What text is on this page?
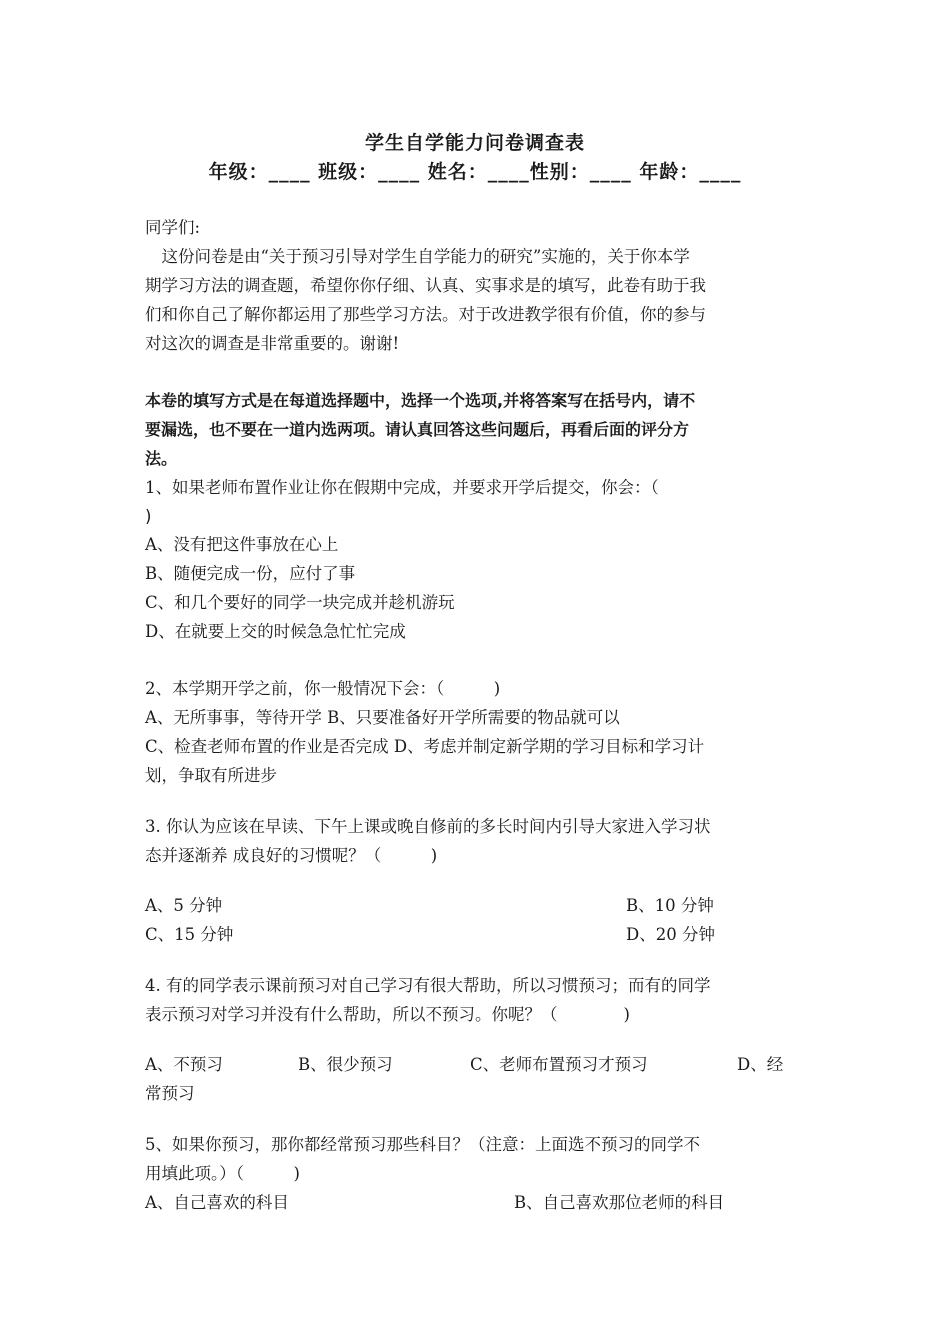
学生自学能力问卷调查表
年级：____ 班级：____ 姓名：____性别：____ 年龄：____
同学们:
　这份问卷是由“关于预习引导对学生自学能力的研究”实施的，关于你本学
期学习方法的调查题，希望你你仔细、认真、实事求是的填写，此卷有助于我
们和你自己了解你都运用了那些学习方法。对于改进教学很有价值，你的参与
对这次的调查是非常重要的。谢谢!
本卷的填写方式是在每道选择题中，选择一个选项,并将答案写在括号内，请不
要漏选，也不要在一道内选两项。请认真回答这些问题后，再看后面的评分方
法。
1、如果老师布置作业让你在假期中完成，并要求开学后提交，你会：（
)
A、没有把这件事放在心上
B、随便完成一份，应付了事
C、和几个要好的同学一块完成并趁机游玩
D、在就要上交的时候急急忙忙完成
2、本学期开学之前，你一般情况下会：（　　　)
A、无所事事，等待开学 B、只要准备好开学所需要的物品就可以
C、检查老师布置的作业是否完成 D、考虑并制定新学期的学习目标和学习计
划，争取有所进步
3. 你认为应该在早读、下午上课或晚自修前的多长时间内引导大家进入学习状
态并逐渐养 成良好的习惯呢？（　　　)
A、5 分钟	B、10 分钟
C、15 分钟	D、20 分钟
4. 有的同学表示课前预习对自己学习有很大帮助，所以习惯预习；而有的同学
表示预习对学习并没有什么帮助，所以不预习。你呢？（　　　　)
A、不预习	B、很少预习	C、老师布置预习才预习	D、经
常预习
5、如果你预习，那你都经常预习那些科目？（注意：上面选不预习的同学不
用填此项。）（　　　)
A、自己喜欢的科目	B、自己喜欢那位老师的科目
